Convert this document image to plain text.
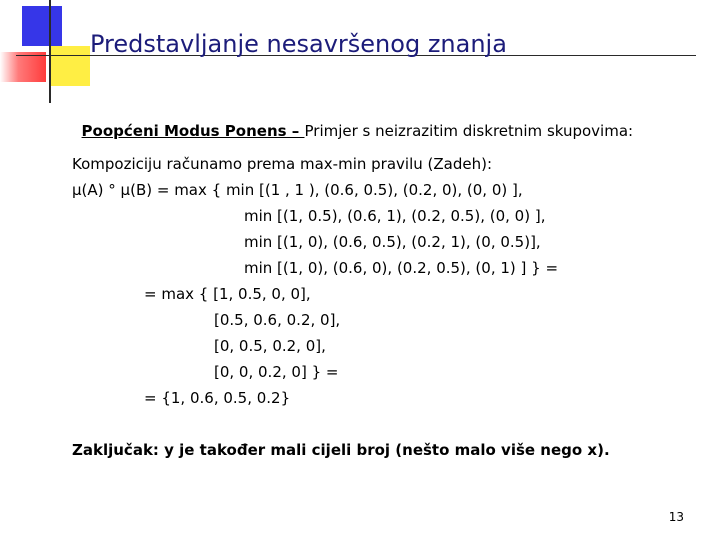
Predstavljanje nesavršenog znanja

Poopćeni Modus Ponens – Primjer s neizrazitim diskretnim skupovima:

Kompoziciju računamo prema max-min pravilu (Zadeh):
μ(A) ° μ(B) = max { min [(1 , 1 ), (0.6, 0.5), (0.2, 0), (0, 0) ],
min [(1, 0.5), (0.6, 1), (0.2, 0.5), (0, 0) ],
min [(1, 0), (0.6, 0.5), (0.2, 1), (0, 0.5)],
min [(1, 0), (0.6, 0), (0.2, 0.5), (0, 1) ] } =
= max { [1, 0.5, 0, 0],
[0.5, 0.6, 0.2, 0],
[0, 0.5, 0.2, 0],
[0, 0, 0.2, 0] } =
= {1, 0.6, 0.5, 0.2}
Zaključak: y je također mali cijeli broj (nešto malo više nego x).
13
